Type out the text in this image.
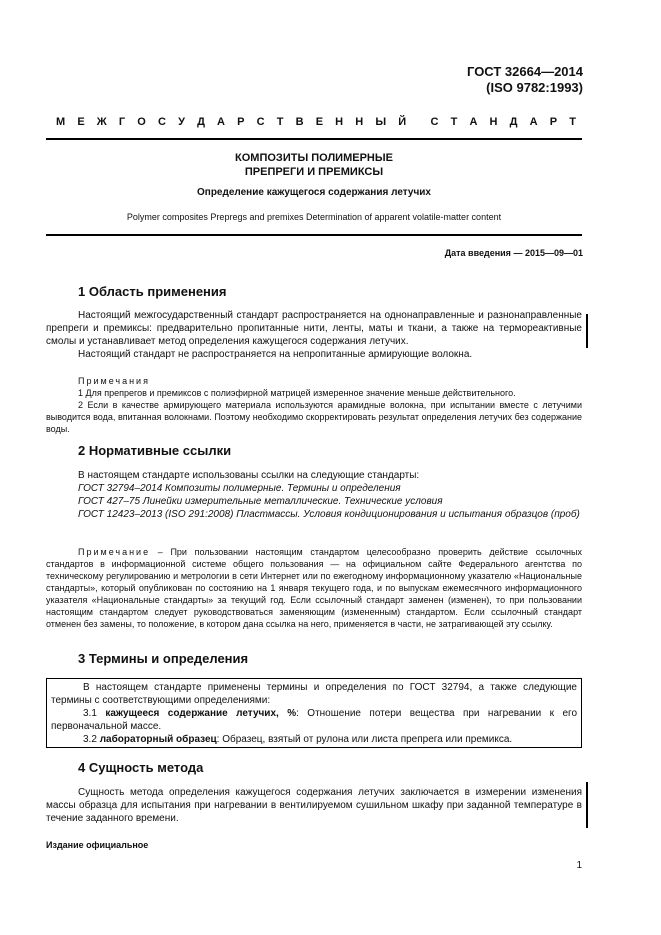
ГОСТ 32664—2014
(ISO 9782:1993)
М Е Ж Г О С У Д А Р С Т В Е Н Н Ы Й С Т А Н Д А Р Т
КОМПОЗИТЫ ПОЛИМЕРНЫЕ
ПРЕПРЕГИ И ПРЕМИКСЫ
Определение кажущегося содержания летучих
Polymer composites Prepregs and premixes Determination of apparent volatile-matter content
Дата введения — 2015—09—01
1 Область применения

Настоящий межгосударственный стандарт распространяется на однонаправленные и разнонаправленные препреги и премиксы: предварительно пропитанные нити, ленты, маты и ткани, а также на термореактивные смолы и устанавливает метод определения кажущегося содержания летучих.

Настоящий стандарт не распространяется на непропитанные армирующие волокна.

Примечания

1 Для препрегов и премиксов с полиэфирной матрицей измеренное значение меньше действительного.

2 Если в качестве армирующего материала используются арамидные волокна, при испытании вместе с летучими выводится вода, впитанная волокнами. Поэтому необходимо скорректировать результат определения летучих без содержание воды.

2 Нормативные ссылки

В настоящем стандарте использованы ссылки на следующие стандарты:

ГОСТ 32794–2014 Композиты полимерные. Термины и определения

ГОСТ 427–75 Линейки измерительные металлические. Технические условия

ГОСТ 12423–2013 (ISO 291:2008) Пластмассы. Условия кондиционирования и испытания образцов (проб)

Примечание – При пользовании настоящим стандартом целесообразно проверить действие ссылочных стандартов в информационной системе общего пользования — на официальном сайте Федерального агентства по техническому регулированию и метрологии в сети Интернет или по ежегодному информационному указателю «Национальные стандарты», который опубликован по состоянию на 1 января текущего года, и по выпускам ежемесячного информационного указателя «Национальные стандарты» за текущий год. Если ссылочный стандарт заменен (изменен), то при пользовании настоящим стандартом следует руководствоваться заменяющим (измененным) стандартом. Если ссылочный стандарт отменен без замены, то положение, в котором дана ссылка на него, применяется в части, не затрагивающей эту ссылку.

3 Термины и определения

В настоящем стандарте применены термины и определения по ГОСТ 32794, а также следующие термины с соответствующими определениями:

3.1 кажущееся содержание летучих, %: Отношение потери вещества при нагревании к его первоначальной массе.

3.2 лабораторный образец: Образец, взятый от рулона или листа препрега или премикса.

4 Сущность метода

Сущность метода определения кажущегося содержания летучих заключается в измерении изменения массы образца для испытания при нагревании в вентилируемом сушильном шкафу при заданной температуре в течение заданного времени.

Издание официальное
1
